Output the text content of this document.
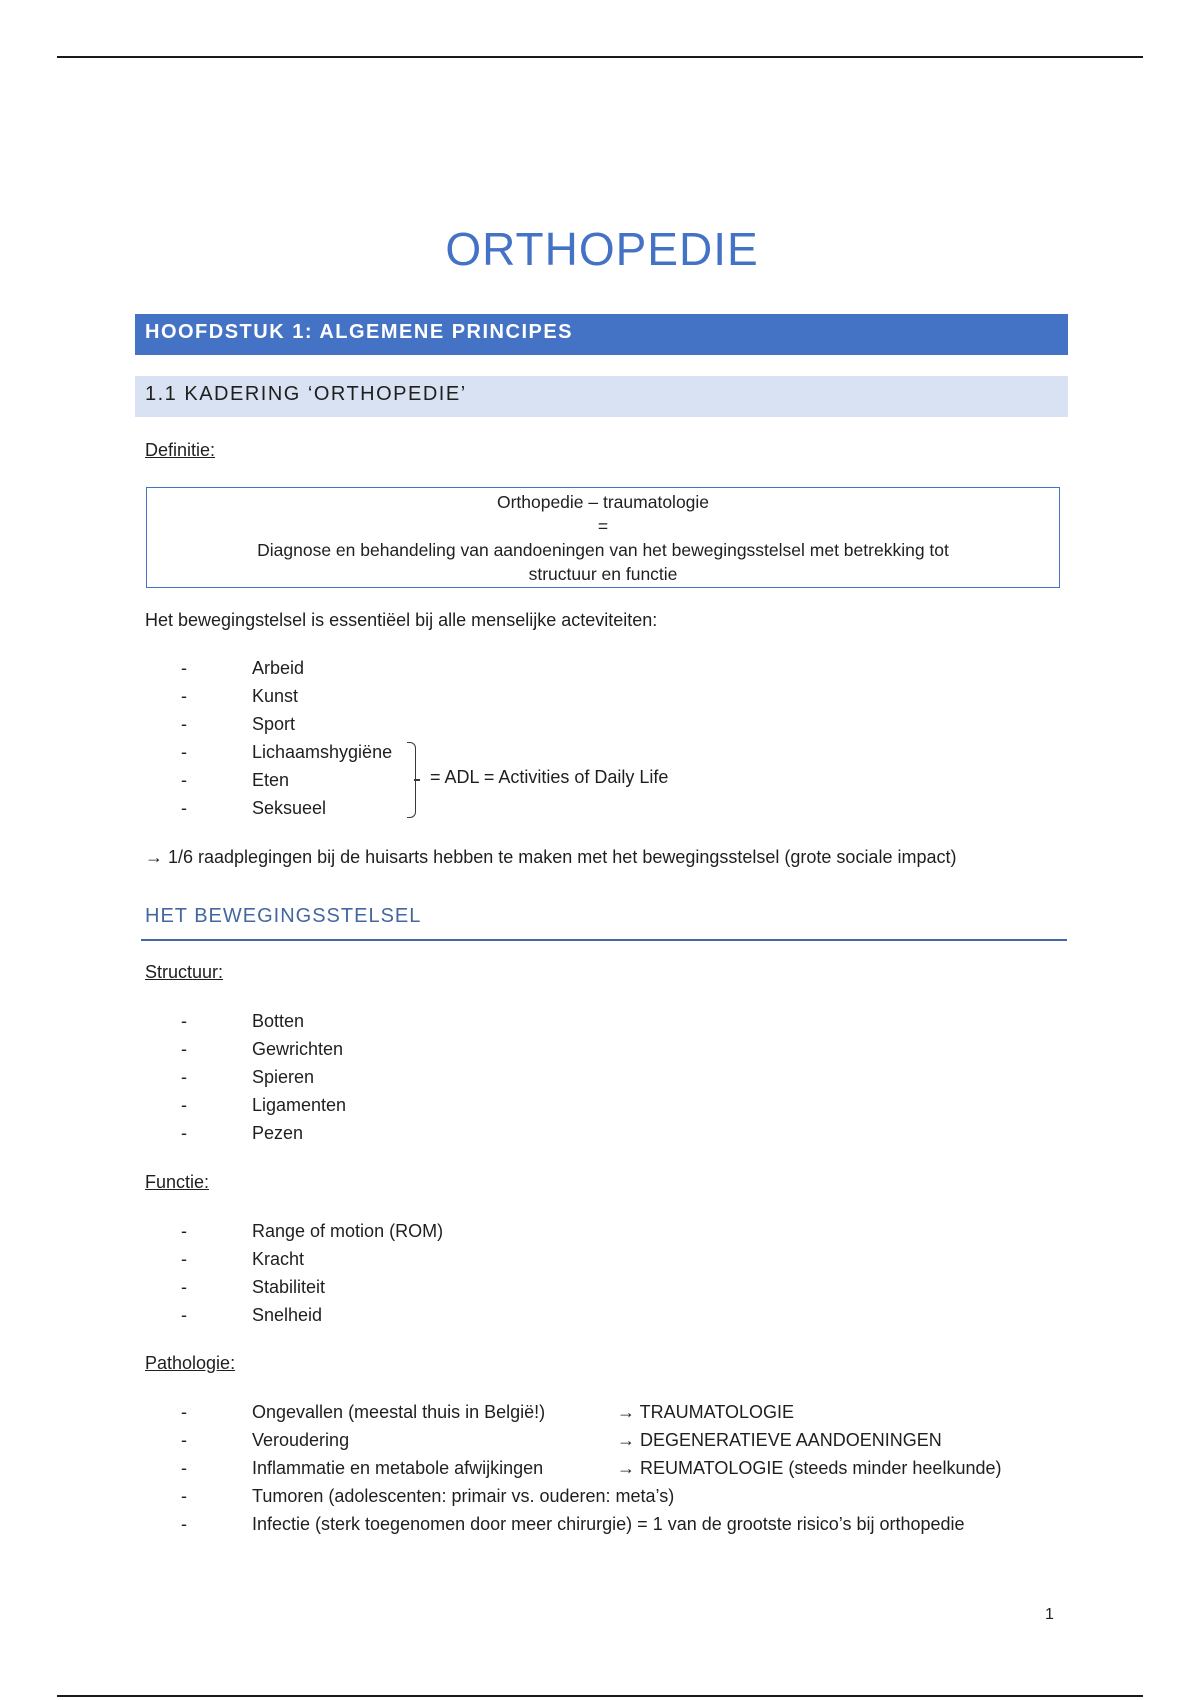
ORTHOPEDIE
HOOFDSTUK 1: ALGEMENE PRINCIPES
1.1 KADERING ‘ORTHOPEDIE’
Definitie:
Orthopedie – traumatologie
=
Diagnose en behandeling van aandoeningen van het bewegingsstelsel met betrekking tot
structuur en functie
Het bewegingstelsel is essentiëel bij alle menselijke acteviteiten:
-	Arbeid
-	Kunst
-	Sport
-	Lichaamshygiëne
-	Eten
-	Seksueel
= ADL = Activities of Daily Life
→ 1/6 raadplegingen bij de huisarts hebben te maken met het bewegingsstelsel (grote sociale impact)
HET BEWEGINGSSTELSEL
Structuur:
-	Botten
-	Gewrichten
-	Spieren
-	Ligamenten
-	Pezen
Functie:
-	Range of motion (ROM)
-	Kracht
-	Stabiliteit
-	Snelheid
Pathologie:
-	Ongevallen (meestal thuis in België!)	→ TRAUMATOLOGIE
-	Veroudering	→ DEGENERATIEVE AANDOENINGEN
-	Inflammatie en metabole afwijkingen	→ REUMATOLOGIE (steeds minder heelkunde)
-	Tumoren (adolescenten: primair vs. ouderen: meta’s)
-	Infectie (sterk toegenomen door meer chirurgie) = 1 van de grootste risico’s bij orthopedie
1
